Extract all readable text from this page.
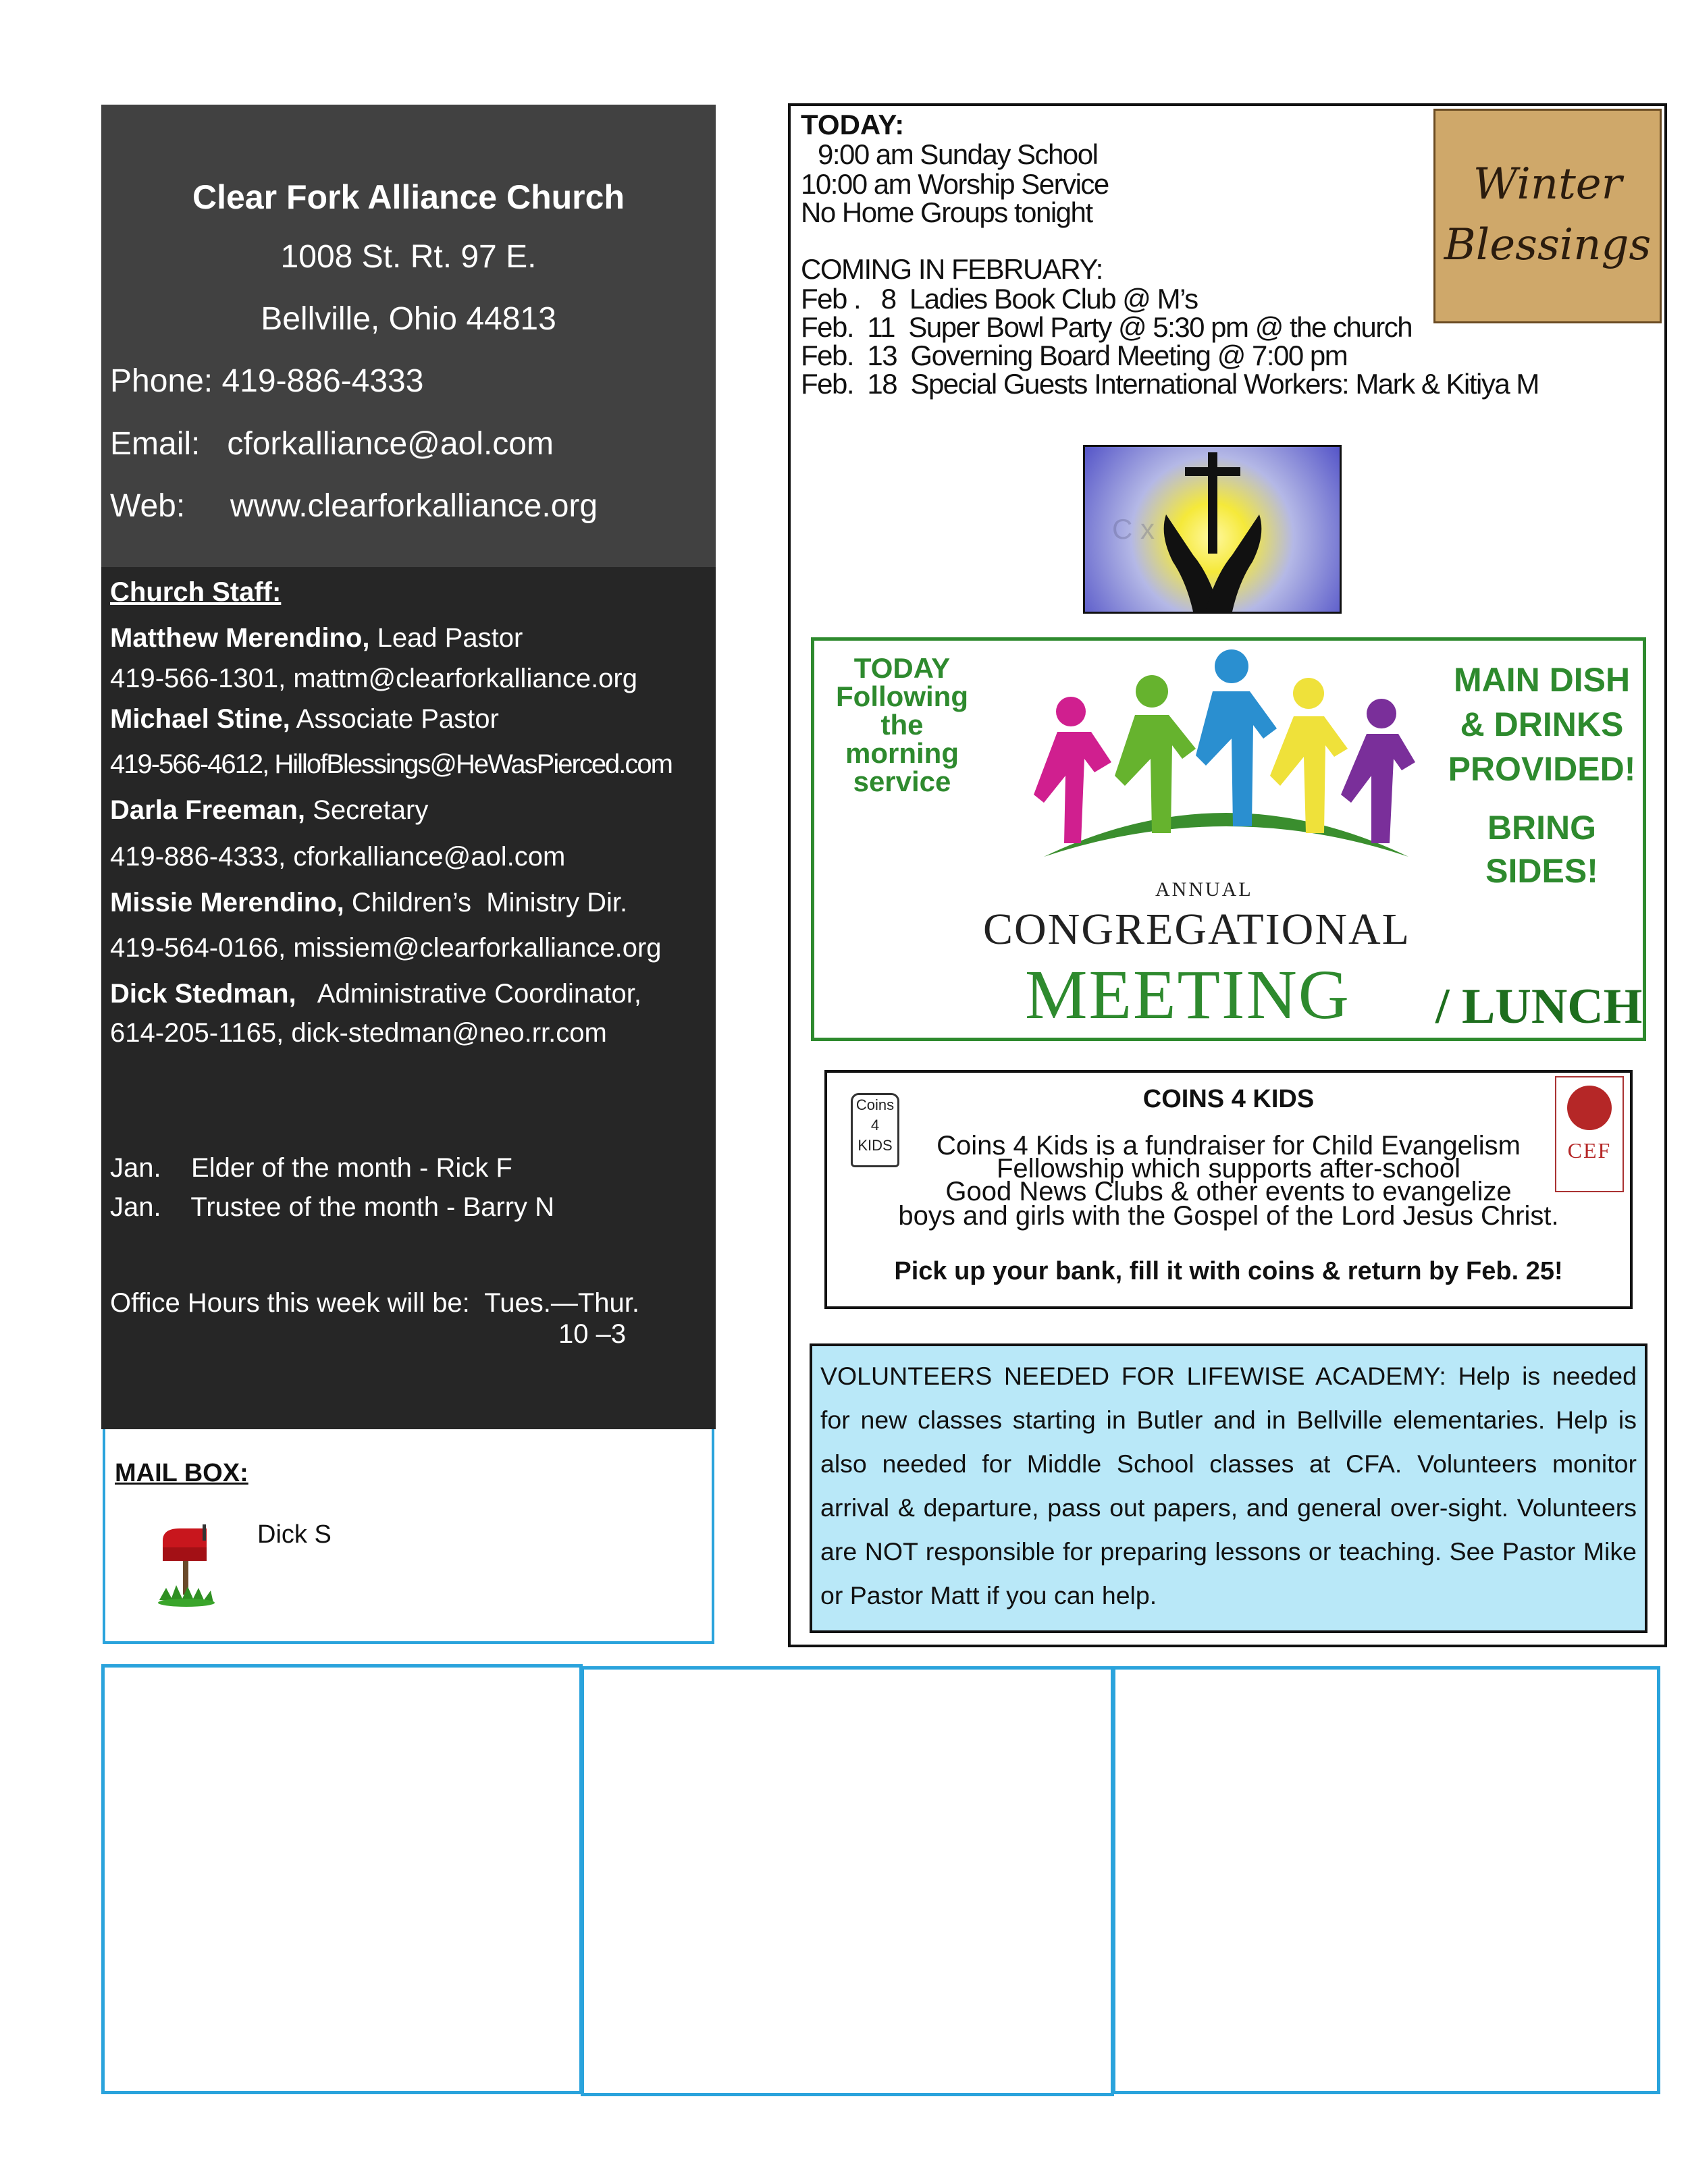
Clear Fork Alliance Church
1008 St. Rt. 97 E.
Bellville, Ohio 44813
Phone: 419-886-4333
Email: cforkalliance@aol.com
Web: www.clearforkalliance.org
Church Staff:
Matthew Merendino, Lead Pastor
419-566-1301, mattm@clearforkalliance.org
Michael Stine, Associate Pastor
419-566-4612, HillofBlessings@HeWasPierced.com
Darla Freeman, Secretary
419-886-4333, cforkalliance@aol.com
Missie Merendino, Children’s  Ministry Dir.
419-564-0166, missiem@clearforkalliance.org
Dick Stedman,   Administrative Coordinator,
614-205-1165, dick-stedman@neo.rr.com
Jan.    Elder of the month - Rick F
Jan.    Trustee of the month - Barry N
Office Hours this week will be:  Tues.—Thur.
10 –3
MAIL BOX:
Dick S
TODAY:
9:00 am Sunday School
10:00 am Worship Service
No Home Groups tonight
COMING IN FEBRUARY:
Feb .   8  Ladies Book Club @ M’s
Feb.  11  Super Bowl Party @ 5:30 pm @ the church
Feb.  13  Governing Board Meeting @ 7:00 pm
Feb.  18  Special Guests International Workers: Mark & Kitiya M
Winter
Blessings
C x
TODAY
Following
the
morning
service
MAIN DISH
& DRINKS
PROVIDED!
BRING
SIDES!
ANNUAL
CONGREGATIONAL
MEETING / LUNCH
Coins
4
KIDS
COINS 4 KIDS
Coins 4 Kids is a fundraiser for Child Evangelism
Fellowship which supports after-school
Good News Clubs & other events to evangelize
boys and girls with the Gospel of the Lord Jesus Christ.
Pick up your bank, fill it with coins & return by Feb. 25!
CEF
VOLUNTEERS NEEDED FOR LIFEWISE ACADEMY: Help is needed for new classes starting in Butler and in Bellville elementaries. Help is also needed for Middle School classes at CFA. Volunteers monitor arrival & departure, pass out papers, and general over-sight. Volunteers are NOT responsible for preparing lessons or teaching. See Pastor Mike or Pastor Matt if you can help.
